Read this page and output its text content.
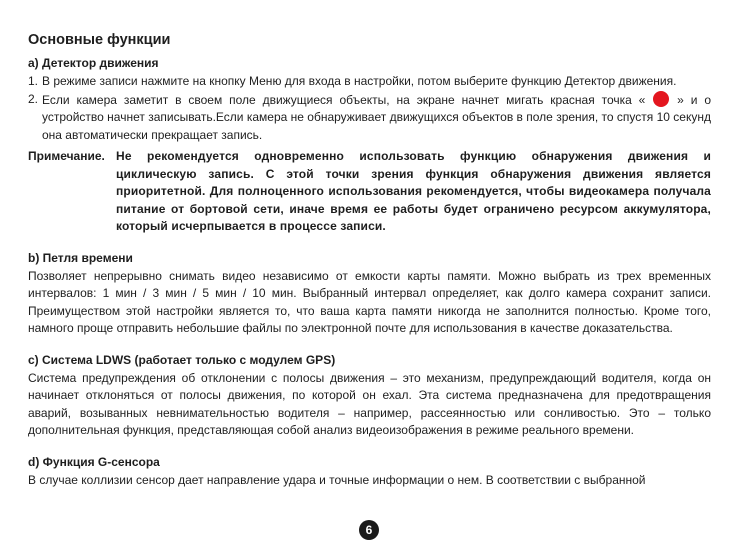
Основные функции
a) Детектор движения
1. В режиме записи нажмите на кнопку Меню для входа в настройки, потом выберите функцию Детектор движения.
2. Если камера заметит в своем поле движущиеся объекты, на экране начнет мигать красная точка «	» и о устройство начнет записывать.Если камера не обнаруживает движущихся объектов в поле зрения, то спустя 10 секунд она автоматически прекращает запись.
Примечание. Не рекомендуется одновременно использовать функцию обнаружения движения и циклическую запись. С этой точки зрения функция обнаружения движения является приоритетной. Для полноценного использования рекомендуется, чтобы видеокамера получала питание от бортовой сети, иначе время ее работы будет ограничено ресурсом аккумулятора, который исчерпывается в процессе записи.
b) Петля времени

Позволяет непрерывно снимать видео независимо от емкости карты памяти. Можно выбрать из трех временных интервалов: 1 мин / 3 мин / 5 мин / 10 мин. Выбранный интервал определяет, как долго камера сохранит записи. Преимуществом этой настройки является то, что ваша карта памяти никогда не заполнится полностью. Кроме того, намного проще отправить небольшие файлы по электронной почте для использования в качестве доказательства.

c) Система LDWS (работает только с модулем GPS)

Система предупреждения об отклонении с полосы движения – это механизм, предупреждающий водителя, когда он начинает отклоняться от полосы движения, по которой он ехал. Эта система предназначена для предотвращения аварий, возыванных невнимательностью водителя – например, рассеянностью или сонливостью. Это – только дополнительная функция, представляющая собой анализ видеоизображения в режиме реального времени.

d) Функция G-сенсора

В случае коллизии сенсор дает направление удара и точные информации о нем. В соответствии с выбранной

6
